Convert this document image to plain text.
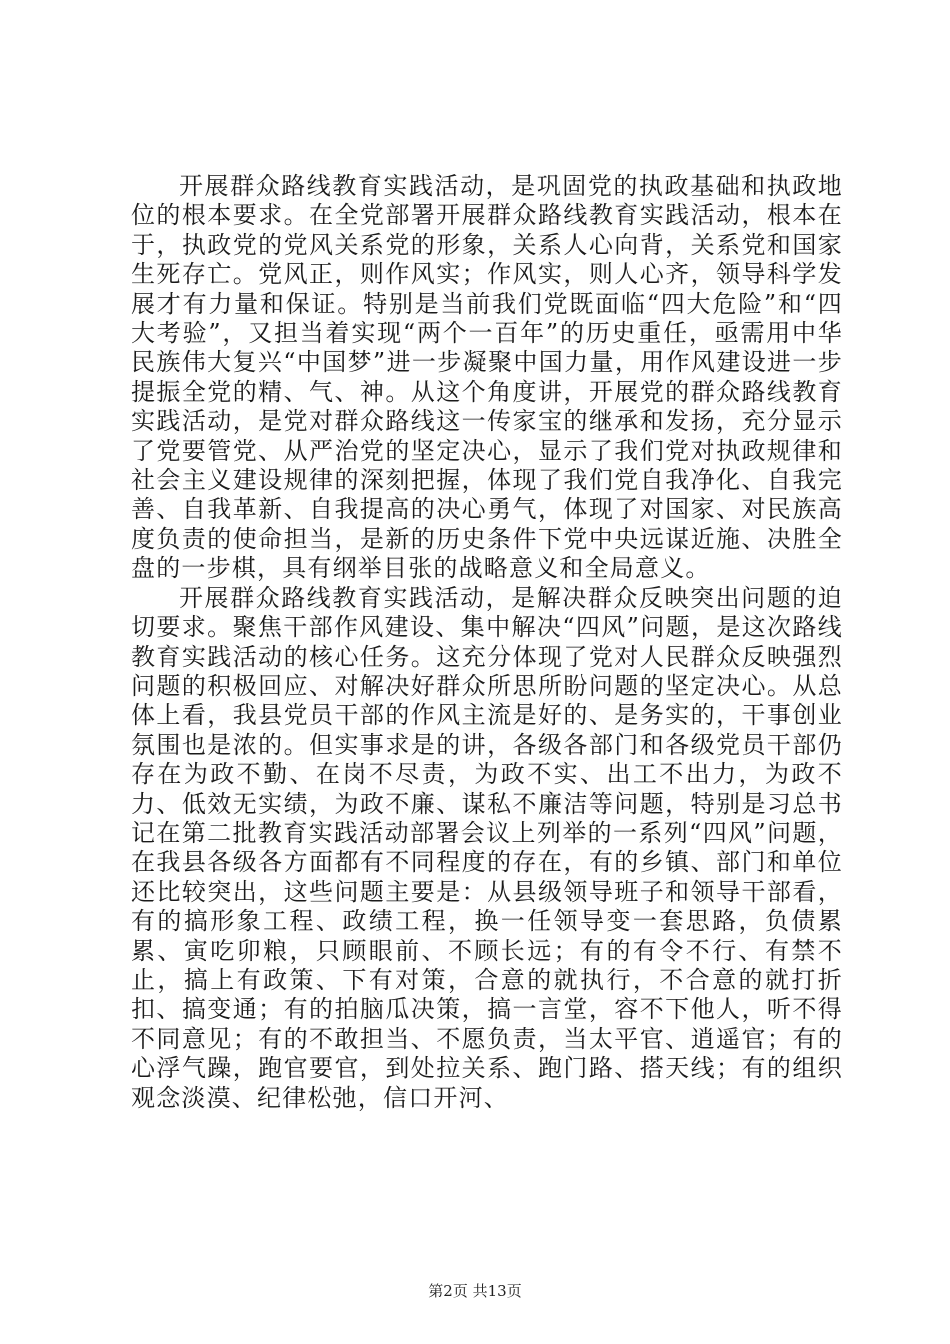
开展群众路线教育实践活动，是巩固党的执政基础和执政地位的根本要求。在全党部署开展群众路线教育实践活动，根本在于，执政党的党风关系党的形象，关系人心向背，关系党和国家生死存亡。党风正，则作风实；作风实，则人心齐，领导科学发展才有力量和保证。特别是当前我们党既面临“四大危险”和“四大考验”，又担当着实现“两个一百年”的历史重任，亟需用中华民族伟大复兴“中国梦”进一步凝聚中国力量，用作风建设进一步提振全党的精、气、神。从这个角度讲，开展党的群众路线教育实践活动，是党对群众路线这一传家宝的继承和发扬，充分显示了党要管党、从严治党的坚定决心，显示了我们党对执政规律和社会主义建设规律的深刻把握，体现了我们党自我净化、自我完善、自我革新、自我提高的决心勇气，体现了对国家、对民族高度负责的使命担当，是新的历史条件下党中央远谋近施、决胜全盘的一步棋，具有纲举目张的战略意义和全局意义。

开展群众路线教育实践活动，是解决群众反映突出问题的迫切要求。聚焦干部作风建设、集中解决“四风”问题，是这次路线教育实践活动的核心任务。这充分体现了党对人民群众反映强烈问题的积极回应、对解决好群众所思所盼问题的坚定决心。从总体上看，我县党员干部的作风主流是好的、是务实的，干事创业氛围也是浓的。但实事求是的讲，各级各部门和各级党员干部仍存在为政不勤、在岗不尽责，为政不实、出工不出力，为政不力、低效无实绩，为政不廉、谋私不廉洁等问题，特别是习总书记在第二批教育实践活动部署会议上列举的一系列“四风”问题，在我县各级各方面都有不同程度的存在，有的乡镇、部门和单位还比较突出，这些问题主要是：从县级领导班子和领导干部看，有的搞形象工程、政绩工程，换一任领导变一套思路，负债累累、寅吃卯粮，只顾眼前、不顾长远；有的有令不行、有禁不止，搞上有政策、下有对策，合意的就执行，不合意的就打折扣、搞变通；有的拍脑瓜决策，搞一言堂，容不下他人，听不得不同意见；有的不敢担当、不愿负责，当太平官、逍遥官；有的心浮气躁，跑官要官，到处拉关系、跑门路、搭天线；有的组织观念淡漠、纪律松弛，信口开河、

第2页 共13页
